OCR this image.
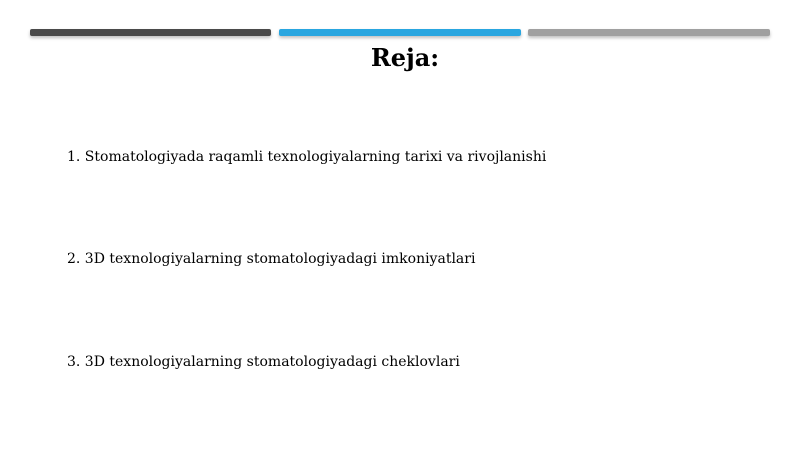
Reja:
1. Stomatologiyada raqamli texnologiyalarning tarixi va rivojlanishi
2. 3D texnologiyalarning stomatologiyadagi imkoniyatlari
3. 3D texnologiyalarning stomatologiyadagi cheklovlari
